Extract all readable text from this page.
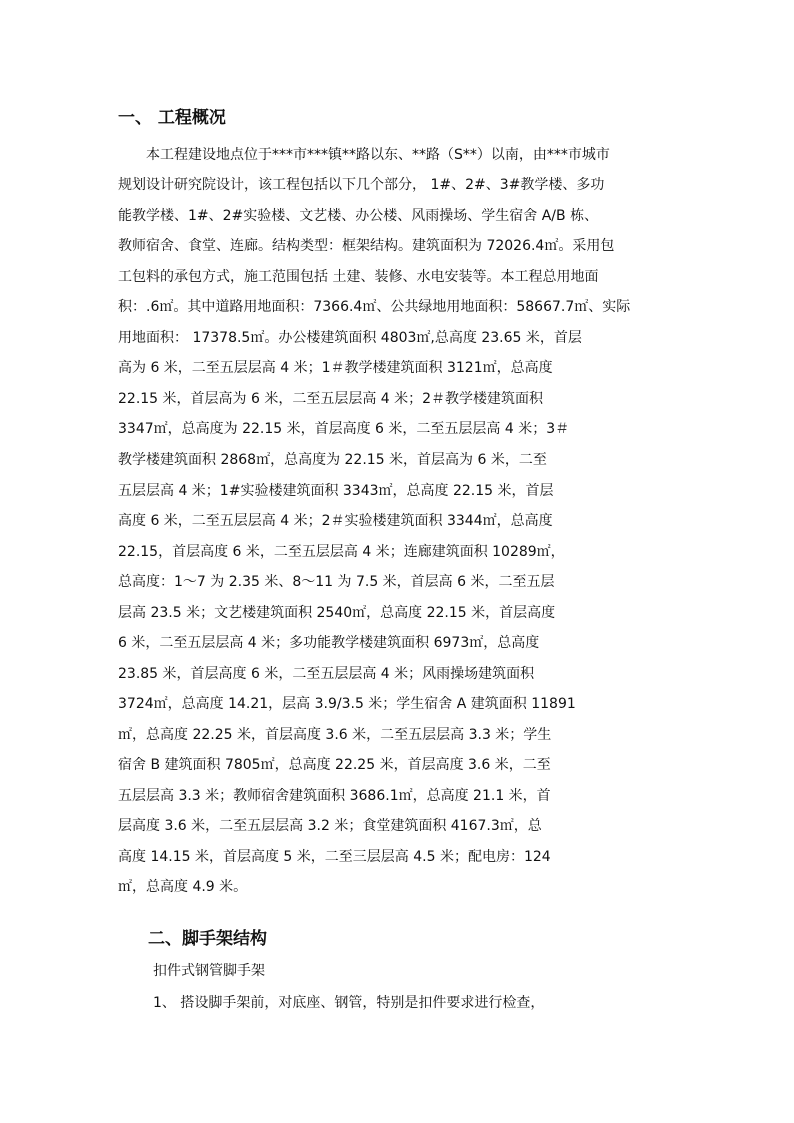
一、 工程概况
本工程建设地点位于***市***镇**路以东、**路（S**）以南，由***市城市
规划设计研究院设计，该工程包括以下几个部分， 1#、2#、3#教学楼、多功
能教学楼、1#、2#实验楼、文艺楼、办公楼、风雨操场、学生宿舍 A/B 栋、
教师宿舍、食堂、连廊。结构类型：框架结构。建筑面积为 72026.4㎡。采用包
工包料的承包方式，施工范围包括 土建、装修、水电安装等。本工程总用地面
积：.6㎡。其中道路用地面积：7366.4㎡、公共绿地用地面积：58667.7㎡、实际
用地面积： 17378.5㎡。办公楼建筑面积 4803㎡,总高度 23.65 米，首层
高为 6 米，二至五层层高 4 米；1＃教学楼建筑面积 3121㎡，总高度
22.15 米，首层高为 6 米，二至五层层高 4 米；2＃教学楼建筑面积
3347㎡，总高度为 22.15 米，首层高度 6 米，二至五层层高 4 米；3＃
教学楼建筑面积 2868㎡，总高度为 22.15 米，首层高为 6 米，二至
五层层高 4 米；1#实验楼建筑面积 3343㎡，总高度 22.15 米，首层
高度 6 米，二至五层层高 4 米；2＃实验楼建筑面积 3344㎡，总高度
22.15，首层高度 6 米，二至五层层高 4 米；连廊建筑面积 10289㎡，
总高度：1～7 为 2.35 米、8～11 为 7.5 米，首层高 6 米，二至五层
层高 23.5 米；文艺楼建筑面积 2540㎡，总高度 22.15 米，首层高度
6 米，二至五层层高 4 米；多功能教学楼建筑面积 6973㎡，总高度
23.85 米，首层高度 6 米，二至五层层高 4 米；风雨操场建筑面积
3724㎡，总高度 14.21，层高 3.9/3.5 米；学生宿舍 A 建筑面积 11891
㎡，总高度 22.25 米，首层高度 3.6 米，二至五层层高 3.3 米；学生
宿舍 B 建筑面积 7805㎡，总高度 22.25 米，首层高度 3.6 米，二至
五层层高 3.3 米；教师宿舍建筑面积 3686.1㎡，总高度 21.1 米，首
层高度 3.6 米，二至五层层高 3.2 米；食堂建筑面积 4167.3㎡，总
高度 14.15 米，首层高度 5 米，二至三层层高 4.5 米；配电房：124
㎡，总高度 4.9 米。
二、脚手架结构
扣件式钢管脚手架
1、 搭设脚手架前，对底座、钢管，特别是扣件要求进行检查，
